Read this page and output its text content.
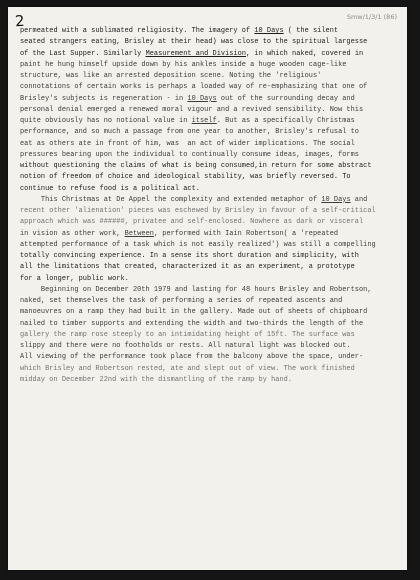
2	Smw/1/3/1 (86)
permeated with a sublimated religiosity. The imagery of 10 Days ( the silent
seated strangers eating, Brisley at their head) was close to the spiritual largesse
of the Last Supper. Similarly Measurement and Division, in which naked, covered in
paint he hung himself upside down by his ankles inside a huge wooden cage-like
structure, was like an arrested deposition scene. Noting the 'religious'
connotations of certain works is perhaps a loaded way of re-emphasizing that one of
Brisley's subjects is regeneration - in 10 Days out of the surrounding decay and
personal denial emerged a renewed moral vigour and a revived sensibility. Now this
quite obviously has no notional value in itself. But as a specifically Christmas
performance, and so much a passage from one year to another, Brisley's refusal to
eat as others ate in front of him, was  an act of wider implications. The social
pressures bearing upon the individual to continually consume ideas, images, forms
without questioning the claims of what is being consumed,in return for some abstract
notion of freedom of choice and ideological stability, was briefly reversed. To
continue to refuse food is a political act.
This Christmas at De Appel the complexity and extended metaphor of 10 Days and
recent other 'alienation' pieces was eschewed by Brisley in favour of a self-critical
approach which was ######, privatee and self-enclosed. Nowhere as dark or visceral
in vision as other work, Between, performed with Iain Robertson( a 'repeated
attempted performance of a task which is not easily realized') was still a compelling
totally convincing experience. In a sense its short duration and simplicity, with
all the limitations that created, characterized it as an experiment, a prototype
for a longer, public work.
Beginning on December 20th 1979 and lasting for 48 hours Brisley and Robertson,
naked, set themselves the task of performing a series of repeated ascents and
manoeuvres on a ramp they had built in the gallery. Made out of sheets of chipboard
nailed to timber supports and extending the width and two-thirds the length of the
gallery the ramp rose steeply to an intimidating height of 15ft. The surface was
slippy and there were no footholds or rests. All natural light was blocked out.
All viewing of the performance took place from the balcony above the space, under-
which Brisley and Robertson rested, ate and slept out of view. The work finished
midday on December 22nd with the dismantling of the ramp by hand.
